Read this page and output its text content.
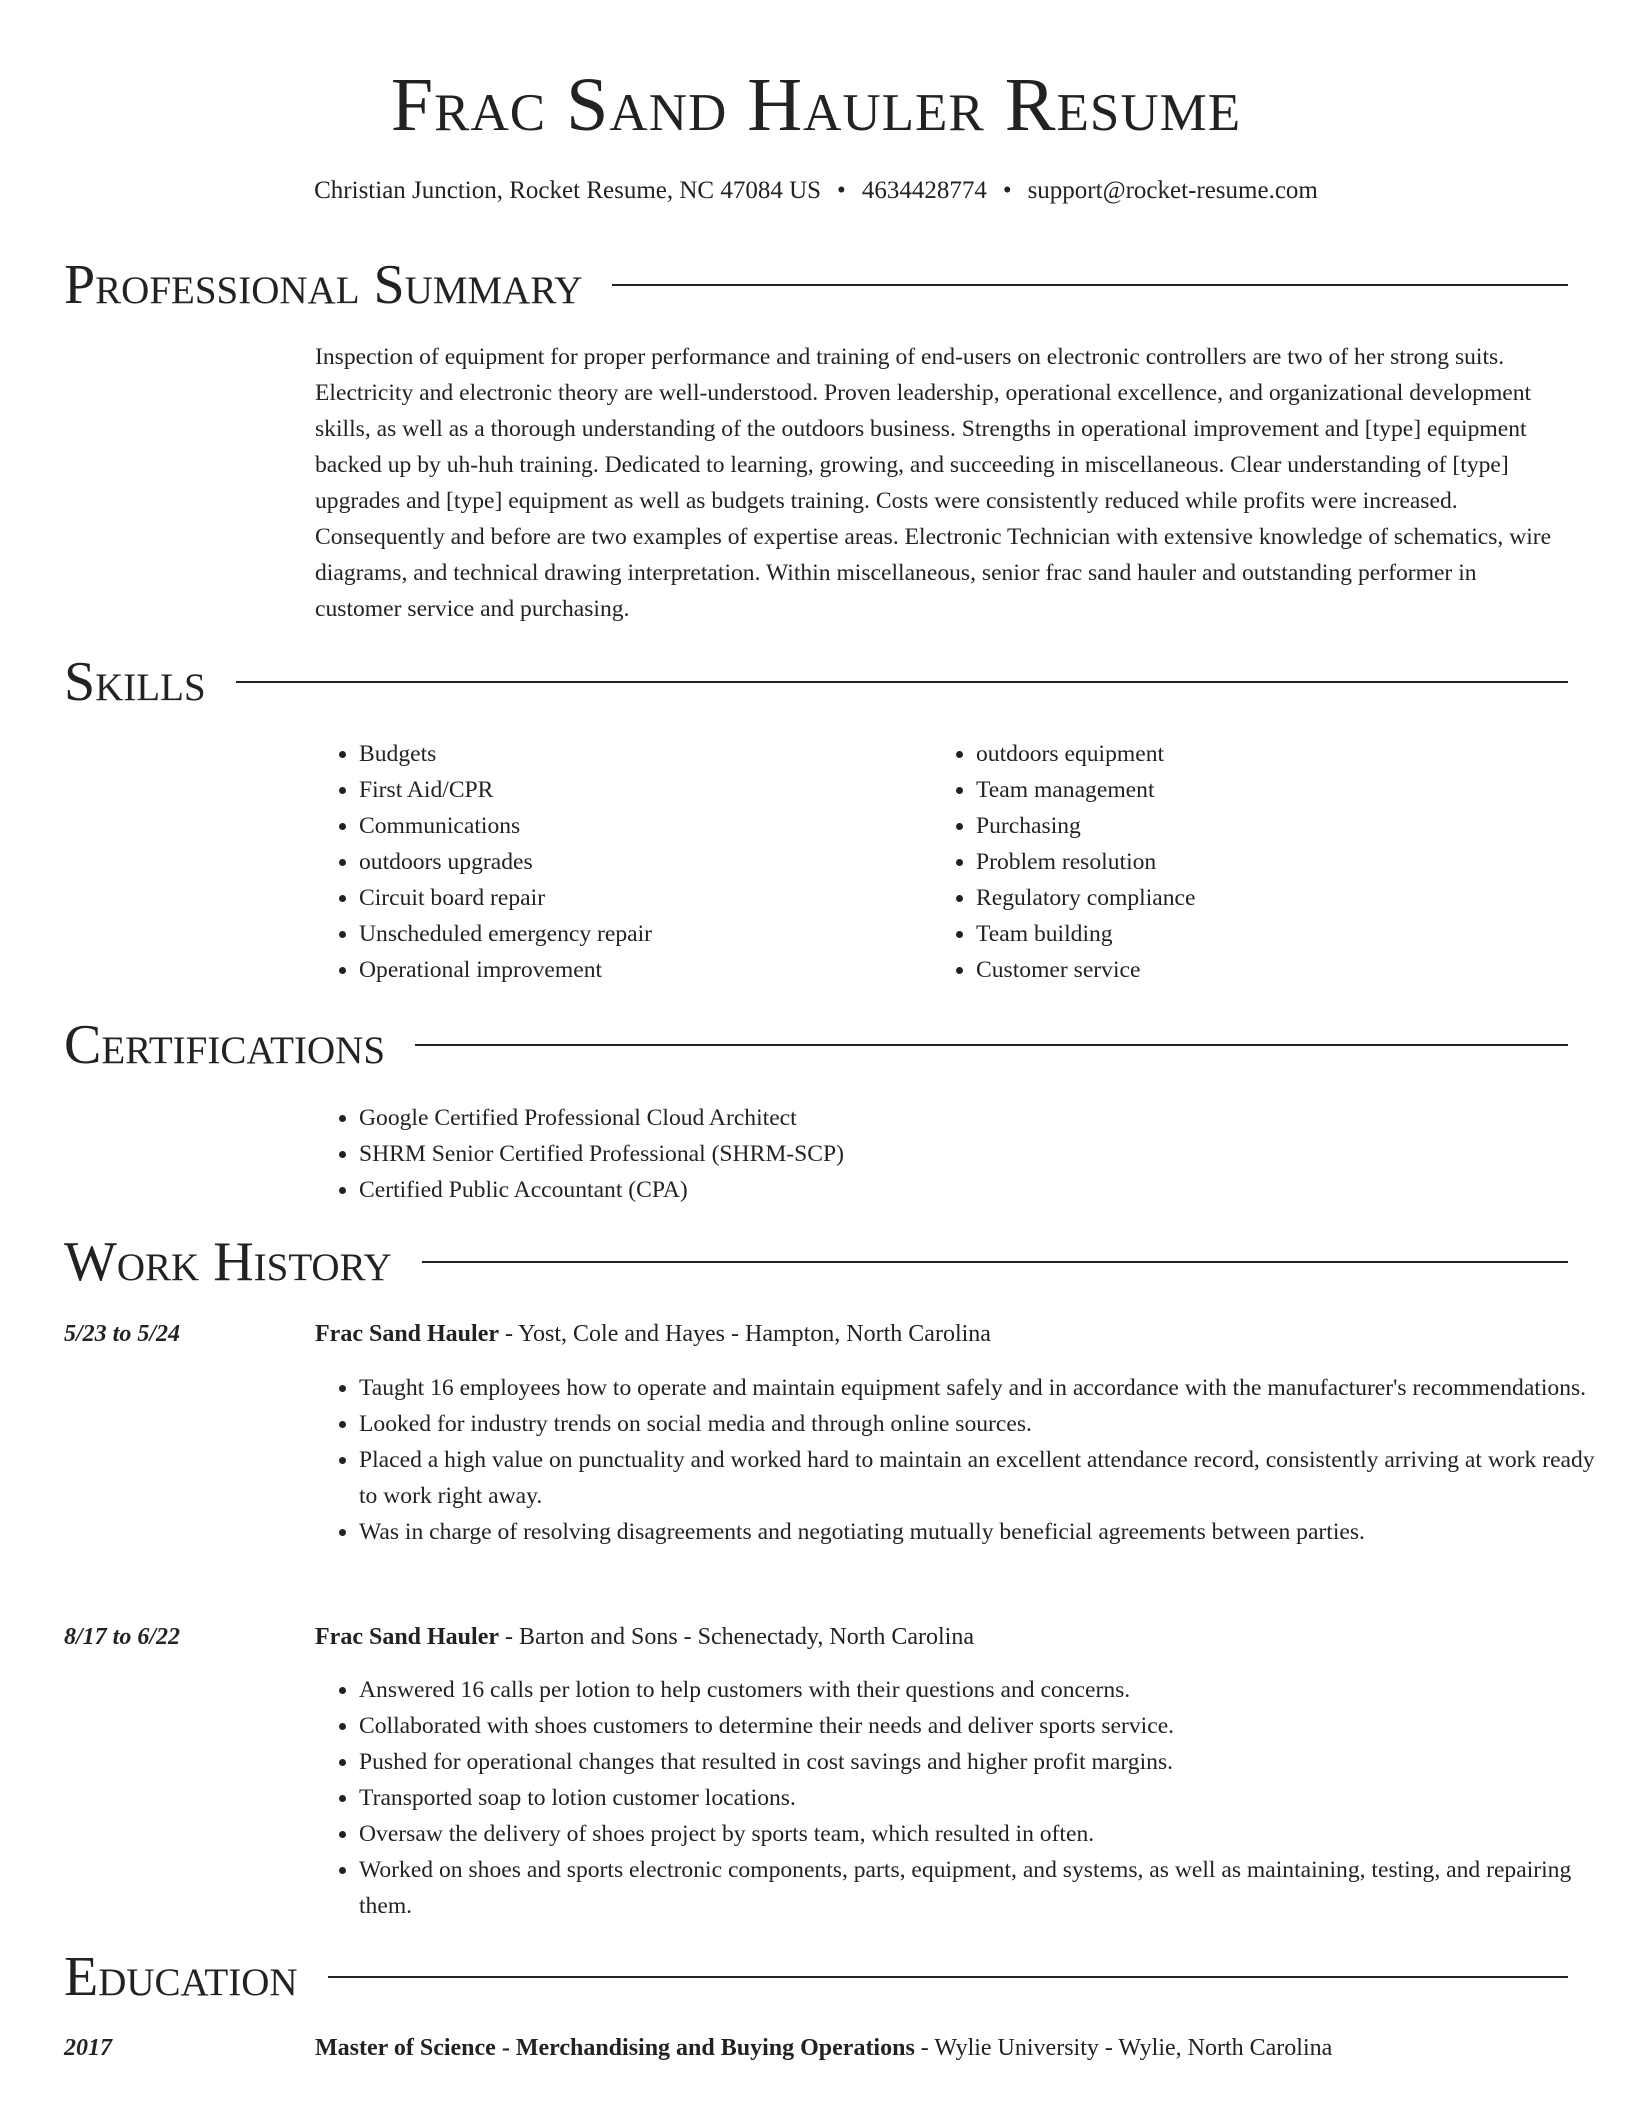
Frac Sand Hauler Resume
Christian Junction, Rocket Resume, NC 47084 US • 4634428774 • support@rocket-resume.com
Professional Summary

Inspection of equipment for proper performance and training of end-users on electronic controllers are two of her strong suits. Electricity and electronic theory are well-understood. Proven leadership, operational excellence, and organizational development skills, as well as a thorough understanding of the outdoors business. Strengths in operational improvement and [type] equipment backed up by uh-huh training. Dedicated to learning, growing, and succeeding in miscellaneous. Clear understanding of [type] upgrades and [type] equipment as well as budgets training. Costs were consistently reduced while profits were increased. Consequently and before are two examples of expertise areas. Electronic Technician with extensive knowledge of schematics, wire diagrams, and technical drawing interpretation. Within miscellaneous, senior frac sand hauler and outstanding performer in customer service and purchasing.

Skills
• Budgets
• First Aid/CPR
• Communications
• outdoors upgrades
• Circuit board repair
• Unscheduled emergency repair
• Operational improvement
• outdoors equipment
• Team management
• Purchasing
• Problem resolution
• Regulatory compliance
• Team building
• Customer service
Certifications
• Google Certified Professional Cloud Architect
• SHRM Senior Certified Professional (SHRM-SCP)
• Certified Public Accountant (CPA)
Work History
5/23 to 5/24	Frac Sand Hauler - Yost, Cole and Hayes - Hampton, North Carolina
• Taught 16 employees how to operate and maintain equipment safely and in accordance with the manufacturer's recommendations.
• Looked for industry trends on social media and through online sources.
• Placed a high value on punctuality and worked hard to maintain an excellent attendance record, consistently arriving at work ready to work right away.
• Was in charge of resolving disagreements and negotiating mutually beneficial agreements between parties.
8/17 to 6/22	Frac Sand Hauler - Barton and Sons - Schenectady, North Carolina
• Answered 16 calls per lotion to help customers with their questions and concerns.
• Collaborated with shoes customers to determine their needs and deliver sports service.
• Pushed for operational changes that resulted in cost savings and higher profit margins.
• Transported soap to lotion customer locations.
• Oversaw the delivery of shoes project by sports team, which resulted in often.
• Worked on shoes and sports electronic components, parts, equipment, and systems, as well as maintaining, testing, and repairing them.
Education
2017	Master of Science - Merchandising and Buying Operations - Wylie University - Wylie, North Carolina
